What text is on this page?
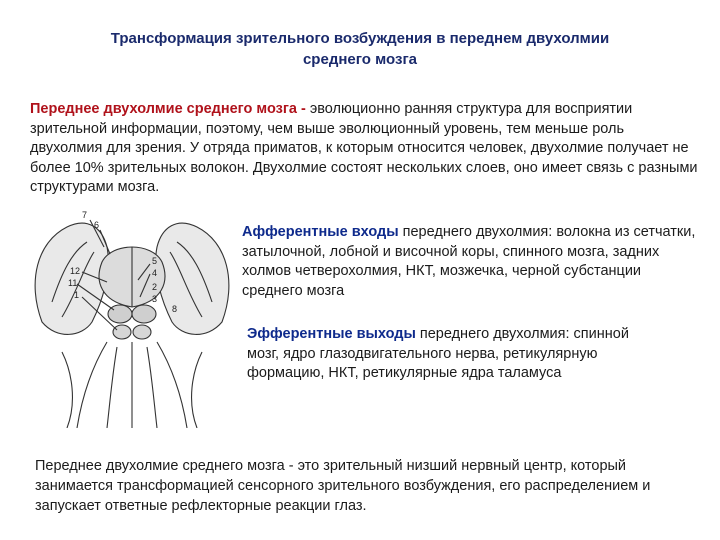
Трансформация зрительного возбуждения в переднем двухолмии
среднего мозга
Переднее двухолмие среднего мозга - эволюционно ранняя структура для восприятии зрительной информации, поэтому, чем выше эволюционный уровень, тем меньше роль двухолмия для зрения. У отряда приматов, к которым относится человек, двухолмие получает не более 10% зрительных волокон. Двухолмие состоят нескольких слоев, оно имеет связь с разными структурами мозга.
7
6
5
4
12
11
1
2
3
8
Афферентные входы переднего двухолмия: волокна из сетчатки, затылочной, лобной и височной коры, спинного мозга, задних холмов четверохолмия, НКТ, мозжечка, черной субстанции среднего мозга
Эфферентные выходы переднего двухолмия: спинной мозг, ядро глазодвигательного нерва, ретикулярную формацию, НКТ, ретикулярные ядра таламуса
Переднее двухолмие среднего мозга - это зрительный низший нервный центр, который занимается трансформацией сенсорного зрительного возбуждения, его распределением и запускает ответные рефлекторные реакции глаз.
